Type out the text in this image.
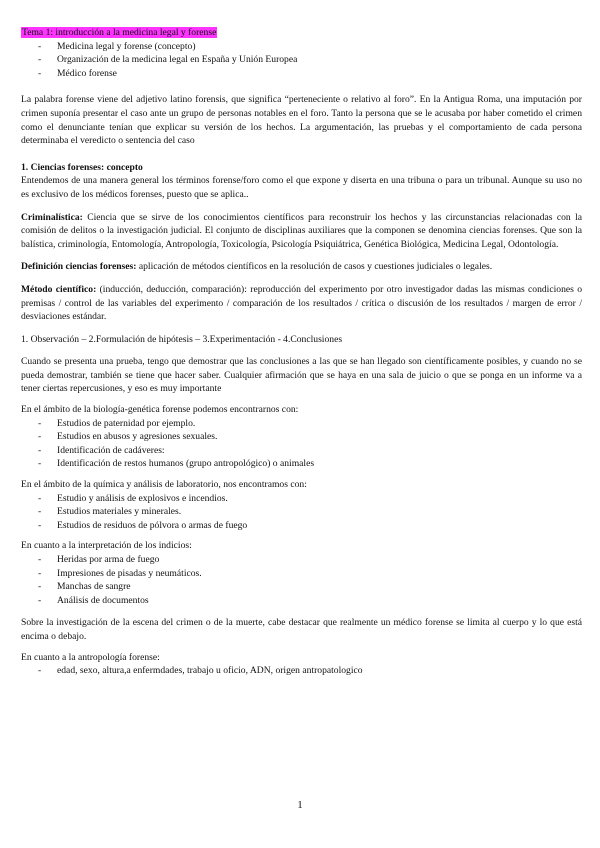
Tema 1: introducción a la medicina legal y forense
- Medicina legal y forense (concepto)
- Organización de la medicina legal en España y Unión Europea
- Médico forense

La palabra forense viene del adjetivo latino forensis, que significa “perteneciente o relativo al foro”. En la Antigua Roma, una imputación por crimen suponía presentar el caso ante un grupo de personas notables en el foro. Tanto la persona que se le acusaba por haber cometido el crimen como el denunciante tenían que explicar su versión de los hechos. La argumentación, las pruebas y el comportamiento de cada persona determinaba el veredicto o sentencia del caso

1. Ciencias forenses: concepto

Entendemos de una manera general los términos forense/foro como el que expone y diserta en una tribuna o para un tribunal. Aunque su uso no es exclusivo de los médicos forenses, puesto que se aplica..

Criminalística: Ciencia que se sirve de los conocimientos científicos para reconstruir los hechos y las circunstancias relacionadas con la comisión de delitos o la investigación judicial. El conjunto de disciplinas auxiliares que la componen se denomina ciencias forenses. Que son la balística, criminología, Entomología, Antropología, Toxicología, Psicología Psiquiátrica, Genética Biológica, Medicina Legal, Odontología.

Definición ciencias forenses: aplicación de métodos científicos en la resolución de casos y cuestiones judiciales o legales.

Método científico: (inducción, deducción, comparación): reproducción del experimento por otro investigador dadas las mismas condiciones o premisas / control de las variables del experimento / comparación de los resultados / crítica o discusión de los resultados / margen de error / desviaciones estándar.

1. Observación – 2.Formulación de hipótesis – 3.Experimentación - 4.Conclusiones

Cuando se presenta una prueba, tengo que demostrar que las conclusiones a las que se han llegado son científicamente posibles, y cuando no se pueda demostrar, también se tiene que hacer saber. Cualquier afirmación que se haya en una sala de juicio o que se ponga en un informe va a tener ciertas repercusiones, y eso es muy importante

En el ámbito de la biología-genética forense podemos encontrarnos con:
- Estudios de paternidad por ejemplo.
- Estudios en abusos y agresiones sexuales.
- Identificación de cadáveres:
- Identificación de restos humanos (grupo antropológico) o animales
En el ámbito de la química y análisis de laboratorio, nos encontramos con:
- Estudio y análisis de explosivos e incendios.
- Estudios materiales y minerales.
- Estudios de residuos de pólvora o armas de fuego
En cuanto a la interpretación de los indicios:
- Heridas por arma de fuego
- Impresiones de pisadas y neumáticos.
- Manchas de sangre
- Análisis de documentos

Sobre la investigación de la escena del crimen o de la muerte, cabe destacar que realmente un médico forense se limita al cuerpo y lo que está encima o debajo.

En cuanto a la antropología forense:
- edad, sexo, altura,a enfermdades, trabajo u oficio, ADN, origen antropatologico
1
